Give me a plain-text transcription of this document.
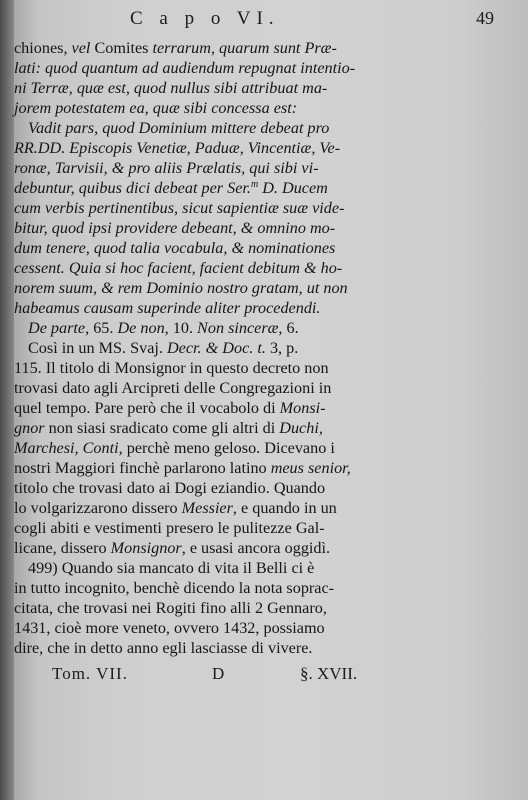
C a p o VI.	49
chiones, vel Comites terrarum, quarum sunt Præ-
lati: quod quantum ad audiendum repugnat intentio-
ni Terræ, quæ est, quod nullus sibi attribuat ma-
jorem potestatem ea, quæ sibi concessa est:
Vadit pars, quod Dominium mittere debeat pro
RR.DD. Episcopis Venetiæ, Paduæ, Vincentiæ, Ve-
ronæ, Tarvisii, & pro aliis Prælatis, qui sibi vi-
debuntur, quibus dici debeat per Ser.$^m$ D. Ducem
cum verbis pertinentibus, sicut sapientiæ suæ vide-
bitur, quod ipsi providere debeant, & omnino mo-
dum tenere, quod talia vocabula, & nominationes
cessent. Quia si hoc facient, facient debitum & ho-
norem suum, & rem Dominio nostro gratam, ut non
habeamus causam superinde aliter procedendi.
De parte, 65. De non, 10. Non sinceræ, 6.
Così in un MS. Svaj. Decr. & Doc. t. 3, p.
115. Il titolo di Monsignor in questo decreto non
trovasi dato agli Arcipreti delle Congregazioni in
quel tempo. Pare però che il vocabolo di Monsi-
gnor non siasi sradicato come gli altri di Duchi,
Marchesi, Conti, perchè meno geloso. Dicevano i
nostri Maggiori finchè parlarono latino meus senior,
titolo che trovasi dato ai Dogi eziandio. Quando
lo volgarizzarono dissero Messier, e quando in un
cogli abiti e vestimenti presero le pulitezze Gal-
licane, dissero Monsignor, e usasi ancora oggidì.
499) Quando sia mancato di vita il Belli ci è
in tutto incognito, benchè dicendo la nota soprac-
citata, che trovasi nei Rogiti fino alli 2 Gennaro,
1431, cioè more veneto, ovvero 1432, possiamo
dire, che in detto anno egli lasciasse di vivere.
Tom. VII.	D	§. XVII.
